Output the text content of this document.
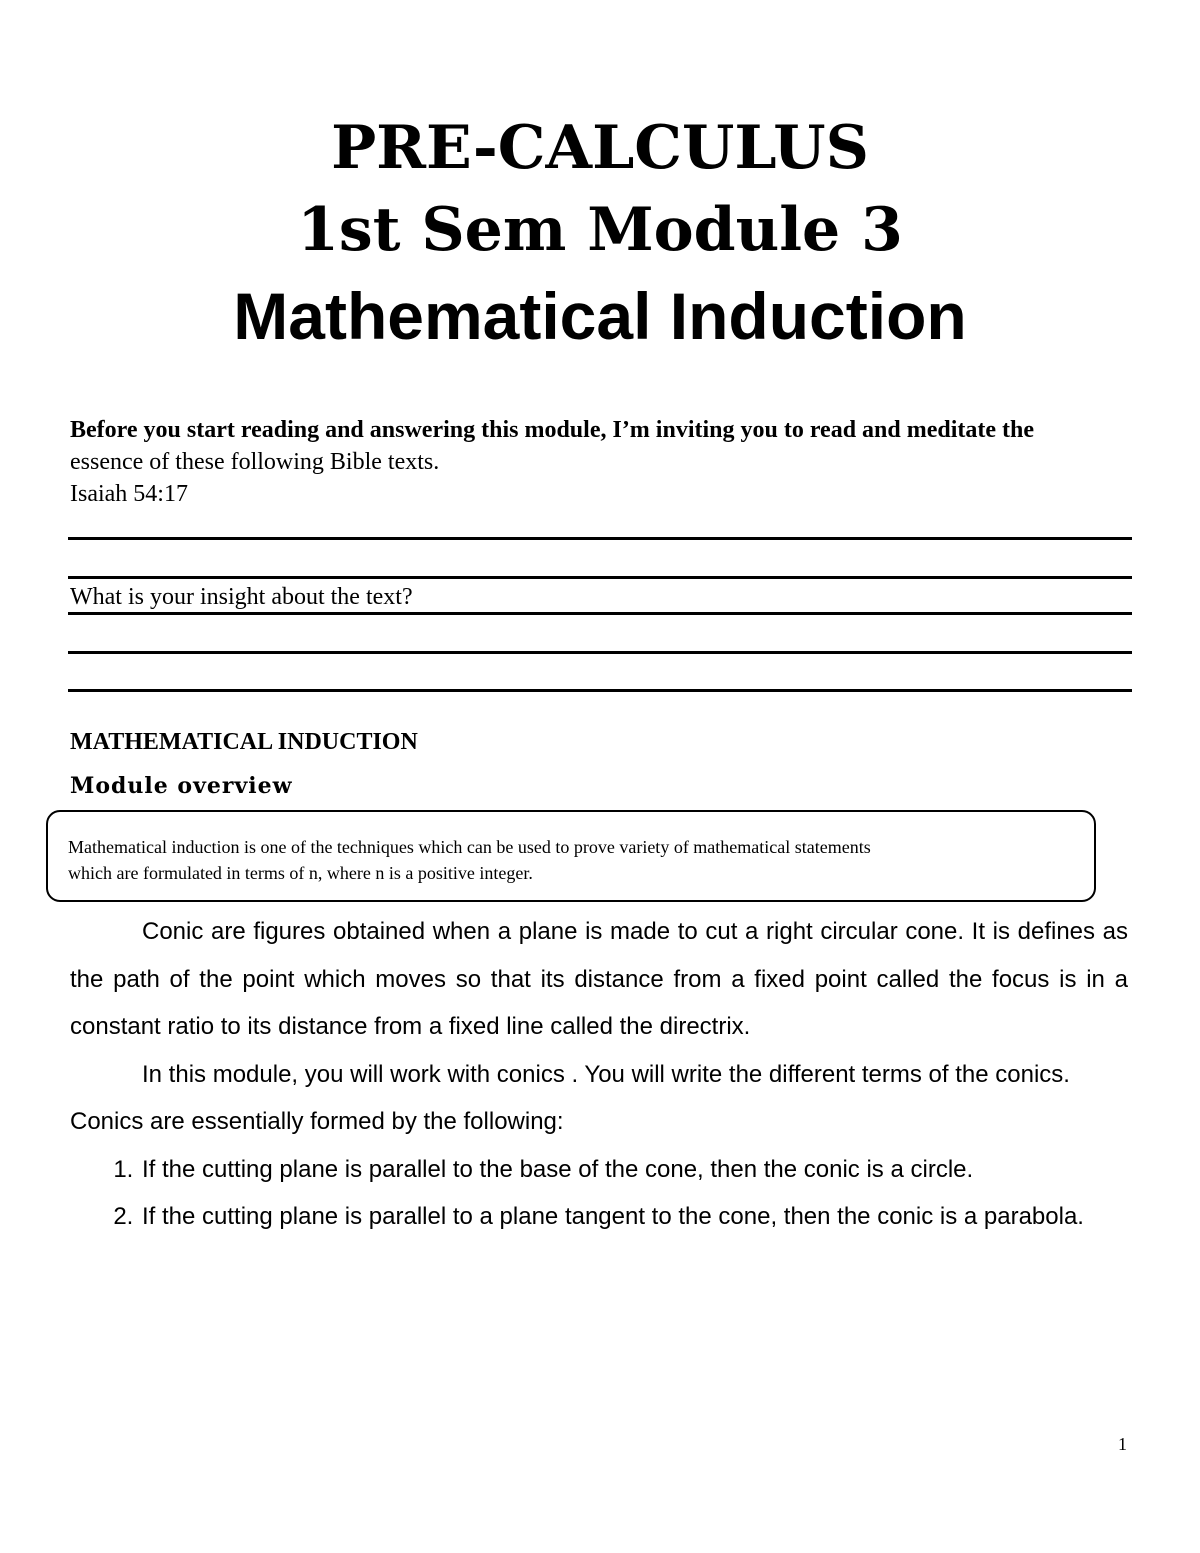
PRE-CALCULUS
1st Sem Module 3
Mathematical Induction

Before you start reading and answering this module, I’m inviting you to read and meditate the

essence of these following Bible texts.

Isaiah 54:17

What is your insight about the text?
MATHEMATICAL INDUCTION
Module overview

Mathematical induction is one of the techniques which can be used to prove variety of mathematical statements

which are formulated in terms of n, where n is a positive integer.

Conic are figures obtained when a plane is made to cut a right circular cone. It is defines as the path of the point which moves so that its distance from a fixed point called the focus is in a constant ratio to its distance from a fixed line called the directrix.

In this module, you will work with conics . You will write the different terms of the conics.

Conics are essentially formed by the following:

1. If the cutting plane is parallel to the base of the cone, then the conic is a circle.
2. If the cutting plane is parallel to a plane tangent to the cone, then the conic is a parabola.
1
